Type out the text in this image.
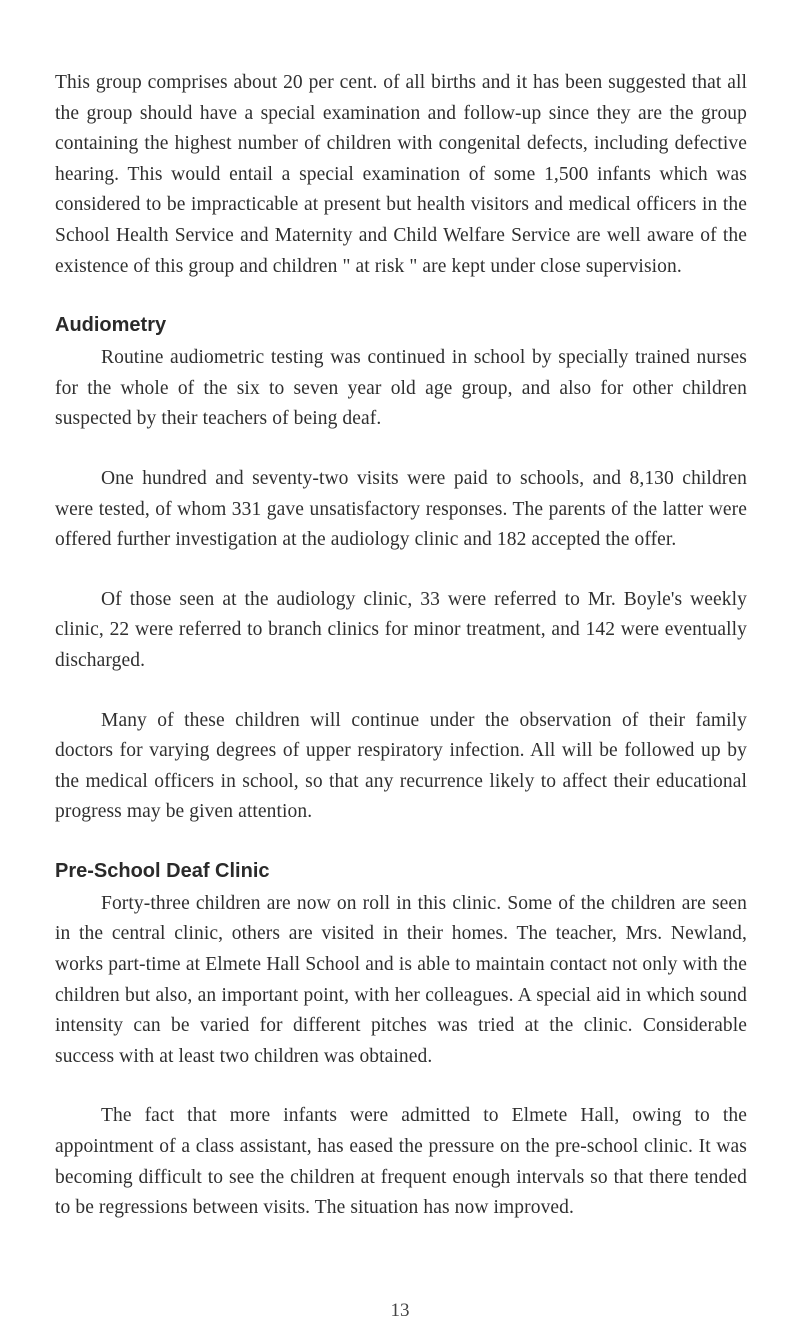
This group comprises about 20 per cent. of all births and it has been suggested that all the group should have a special examination and follow-up since they are the group containing the highest number of children with congenital defects, including defective hearing. This would entail a special examination of some 1,500 infants which was considered to be impracticable at present but health visitors and medical officers in the School Health Service and Maternity and Child Welfare Service are well aware of the existence of this group and children " at risk " are kept under close supervision.

Audiometry

Routine audiometric testing was continued in school by specially trained nurses for the whole of the six to seven year old age group, and also for other children suspected by their teachers of being deaf.

One hundred and seventy-two visits were paid to schools, and 8,130 children were tested, of whom 331 gave unsatisfactory responses. The parents of the latter were offered further investigation at the audiology clinic and 182 accepted the offer.

Of those seen at the audiology clinic, 33 were referred to Mr. Boyle's weekly clinic, 22 were referred to branch clinics for minor treatment, and 142 were eventually discharged.

Many of these children will continue under the observation of their family doctors for varying degrees of upper respiratory infection. All will be followed up by the medical officers in school, so that any recurrence likely to affect their educational progress may be given attention.

Pre-School Deaf Clinic

Forty-three children are now on roll in this clinic. Some of the children are seen in the central clinic, others are visited in their homes. The teacher, Mrs. Newland, works part-time at Elmete Hall School and is able to maintain contact not only with the children but also, an important point, with her colleagues. A special aid in which sound intensity can be varied for different pitches was tried at the clinic. Considerable success with at least two children was obtained.

The fact that more infants were admitted to Elmete Hall, owing to the appointment of a class assistant, has eased the pressure on the pre-school clinic. It was becoming difficult to see the children at frequent enough intervals so that there tended to be regressions between visits. The situation has now improved.

13
